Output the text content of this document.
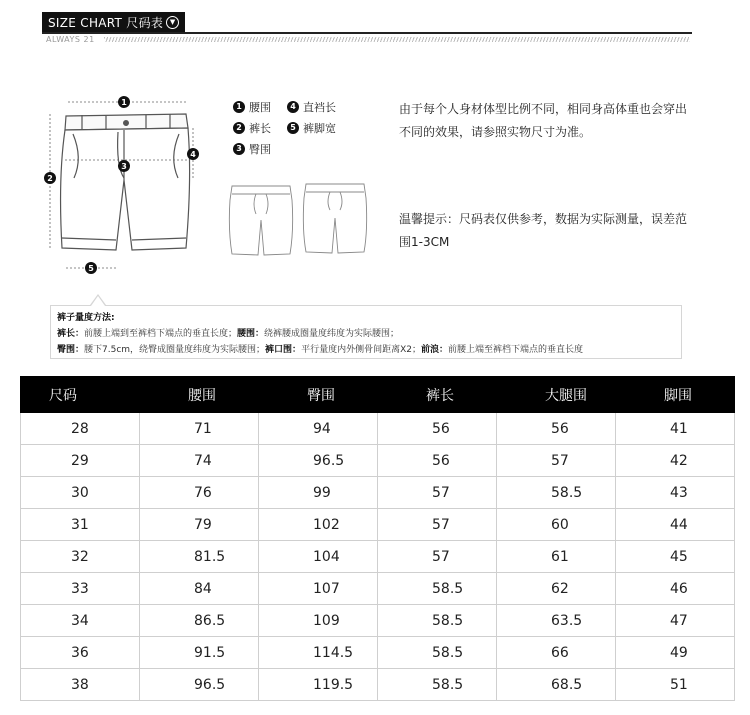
SIZE CHART 尺码表 ▼
ALWAYS 21
1
2
3
4
5
1 腰围	4 直裆长
2 裤长	5 裤脚宽
3 臀围
由于每个人身材体型比例不同，相同身高体重也会穿出
不同的效果，请参照实物尺寸为准。
温馨提示：尺码表仅供参考，数据为实际测量，误差范
围1-3CM
裤子量度方法:
裤长：前腰上端到至裤档下端点的垂直长度；腰围：绕裤腰成圈量度纬度为实际腰围；
臀围：腰下7.5cm，绕臀成圈量度纬度为实际腰围；裤口围：平行量度内外侧骨间距离X2；前浪：前腰上端至裤档下端点的垂直长度
尺码	腰围	臀围	裤长	大腿围	脚围
28	71	94	56	56	41
29	74	96.5	56	57	42
30	76	99	57	58.5	43
31	79	102	57	60	44
32	81.5	104	57	61	45
33	84	107	58.5	62	46
34	86.5	109	58.5	63.5	47
36	91.5	114.5	58.5	66	49
38	96.5	119.5	58.5	68.5	51
